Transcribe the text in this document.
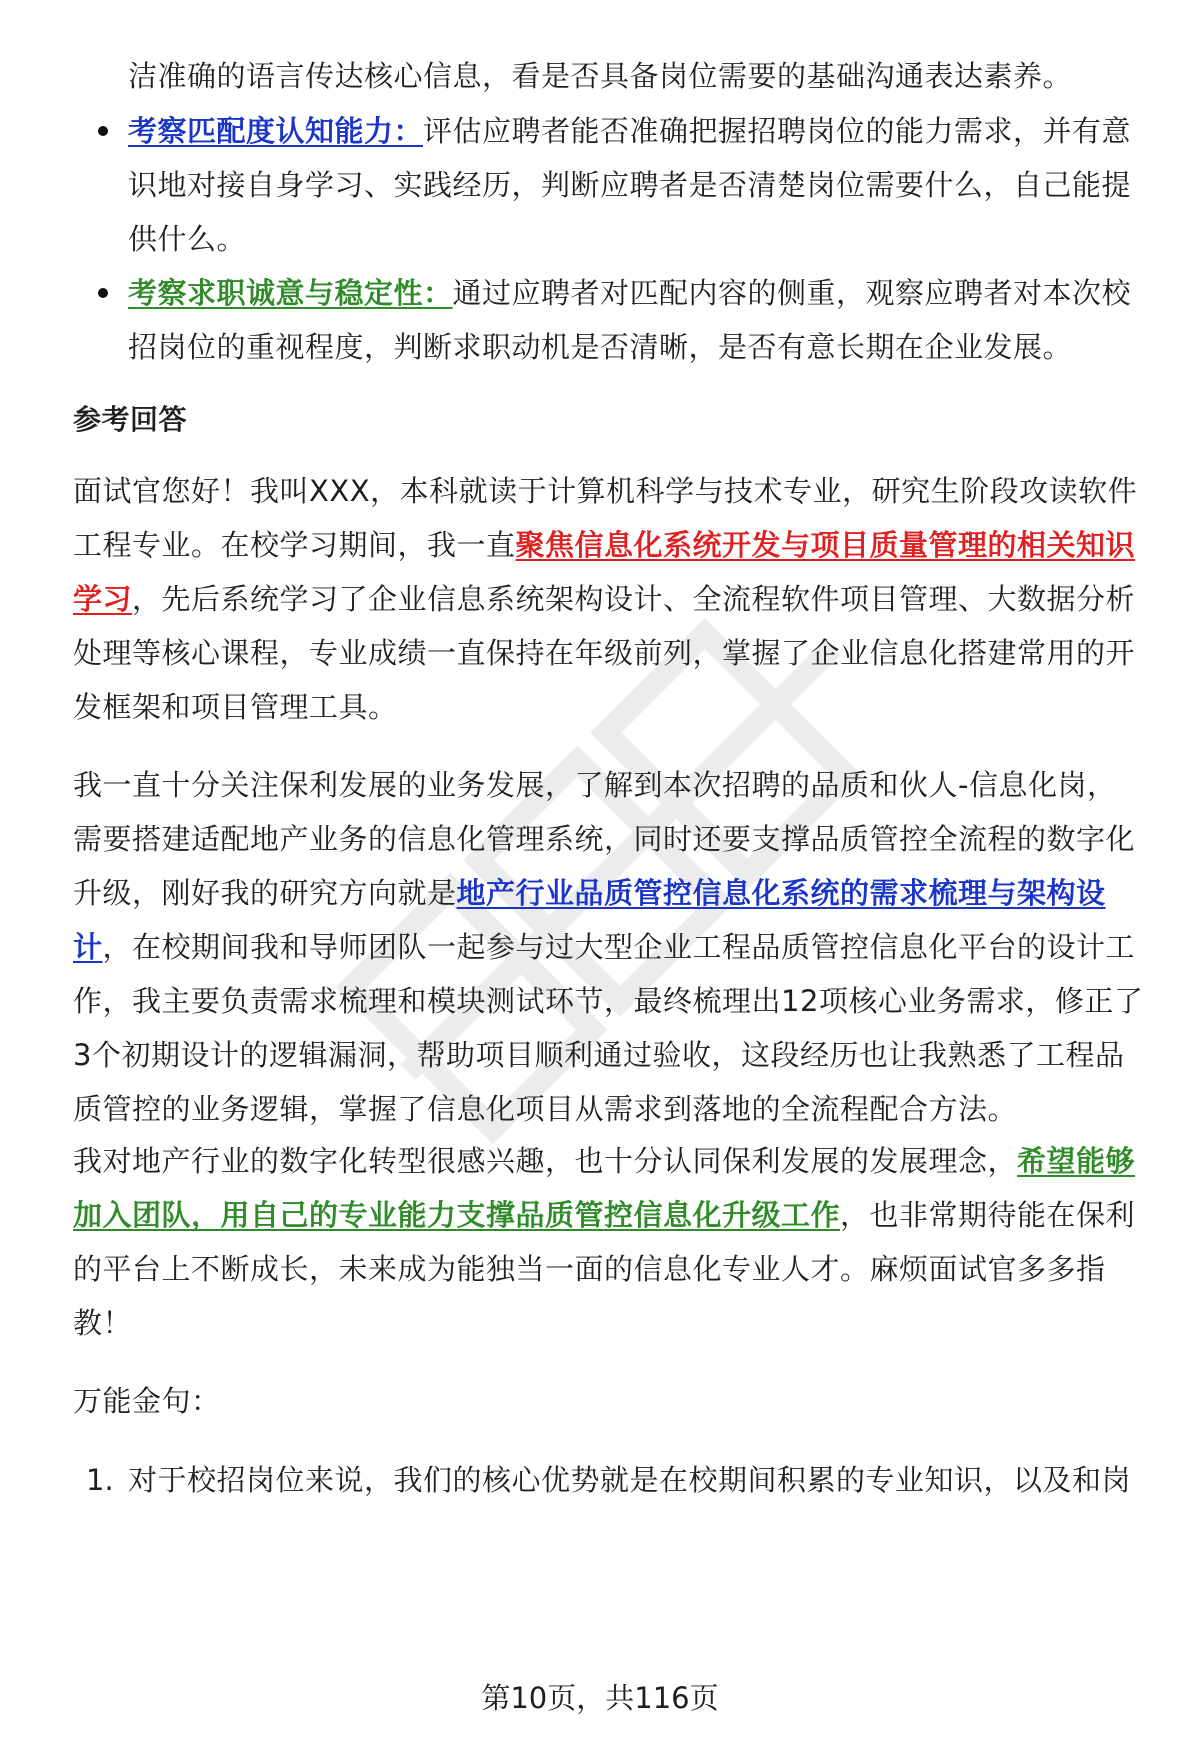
洁准确的语言传达核心信息，看是否具备岗位需要的基础沟通表达素养。
考察匹配度认知能力：评估应聘者能否准确把握招聘岗位的能力需求，并有意
识地对接自身学习、实践经历，判断应聘者是否清楚岗位需要什么，自己能提
供什么。
考察求职诚意与稳定性：通过应聘者对匹配内容的侧重，观察应聘者对本次校
招岗位的重视程度，判断求职动机是否清晰，是否有意长期在企业发展。
参考回答
面试官您好！我叫XXX，本科就读于计算机科学与技术专业，研究生阶段攻读软件
工程专业。在校学习期间，我一直聚焦信息化系统开发与项目质量管理的相关知识
学习，先后系统学习了企业信息系统架构设计、全流程软件项目管理、大数据分析
处理等核心课程，专业成绩一直保持在年级前列，掌握了企业信息化搭建常用的开
发框架和项目管理工具。
我一直十分关注保利发展的业务发展，了解到本次招聘的品质和伙人-信息化岗，
需要搭建适配地产业务的信息化管理系统，同时还要支撑品质管控全流程的数字化
升级，刚好我的研究方向就是地产行业品质管控信息化系统的需求梳理与架构设
计，在校期间我和导师团队一起参与过大型企业工程品质管控信息化平台的设计工
作，我主要负责需求梳理和模块测试环节，最终梳理出12项核心业务需求，修正了
3个初期设计的逻辑漏洞，帮助项目顺利通过验收，这段经历也让我熟悉了工程品
质管控的业务逻辑，掌握了信息化项目从需求到落地的全流程配合方法。
我对地产行业的数字化转型很感兴趣，也十分认同保利发展的发展理念，希望能够
加入团队，用自己的专业能力支撑品质管控信息化升级工作，也非常期待能在保利
的平台上不断成长，未来成为能独当一面的信息化专业人才。麻烦面试官多多指
教！
万能金句：
1. 对于校招岗位来说，我们的核心优势就是在校期间积累的专业知识，以及和岗
第10页，共116页
